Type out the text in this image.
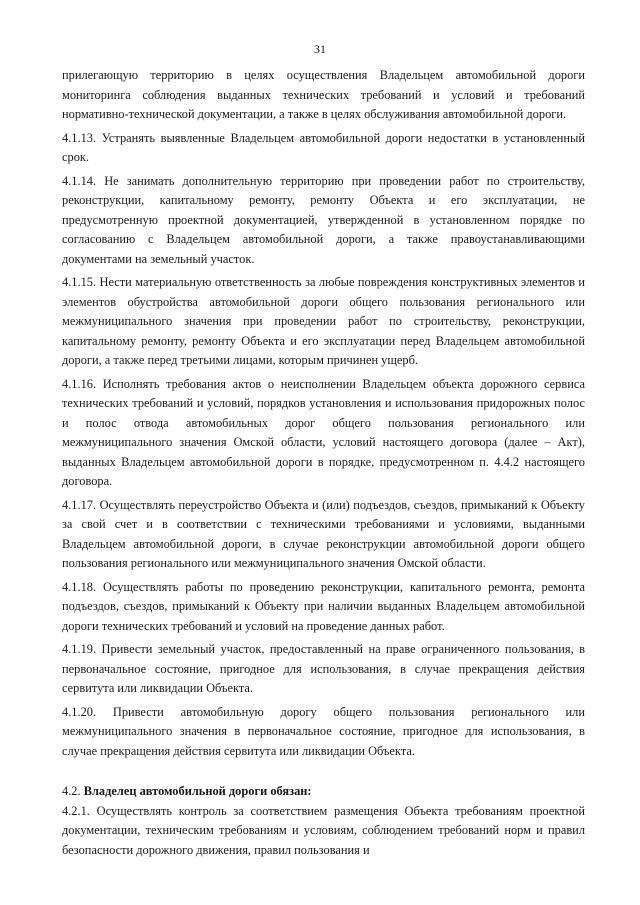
31

прилегающую территорию в целях осуществления Владельцем автомобильной дороги мониторинга соблюдения выданных технических требований и условий и требований нормативно-технической документации, а также в целях обслуживания автомобильной дороги.

4.1.13. Устранять выявленные Владельцем автомобильной дороги недостатки в установленный срок.

4.1.14. Не занимать дополнительную территорию при проведении работ по строительству, реконструкции, капитальному ремонту, ремонту Объекта и его эксплуатации, не предусмотренную проектной документацией, утвержденной в установленном порядке по согласованию с Владельцем автомобильной дороги, а также правоустанавливающими документами на земельный участок.

4.1.15. Нести материальную ответственность за любые повреждения конструктивных элементов и элементов обустройства автомобильной дороги общего пользования регионального или межмуниципального значения при проведении работ по строительству, реконструкции, капитальному ремонту, ремонту Объекта и его эксплуатации перед Владельцем автомобильной дороги, а также перед третьими лицами, которым причинен ущерб.

4.1.16. Исполнять требования актов о неисполнении Владельцем объекта дорожного сервиса технических требований и условий, порядков установления и использования придорожных полос и полос отвода автомобильных дорог общего пользования регионального или межмуниципального значения Омской области, условий настоящего договора (далее – Акт), выданных Владельцем автомобильной дороги в порядке, предусмотренном п. 4.4.2 настоящего договора.

4.1.17. Осуществлять переустройство Объекта и (или) подъездов, съездов, примыканий к Объекту за свой счет и в соответствии с техническими требованиями и условиями, выданными Владельцем автомобильной дороги, в случае реконструкции автомобильной дороги общего пользования регионального или межмуниципального значения Омской области.

4.1.18. Осуществлять работы по проведению реконструкции, капитального ремонта, ремонта подъездов, съездов, примыканий к Объекту при наличии выданных Владельцем автомобильной дороги технических требований и условий на проведение данных работ.

4.1.19. Привести земельный участок, предоставленный на праве ограниченного пользования, в первоначальное состояние, пригодное для использования, в случае прекращения действия сервитута или ликвидации Объекта.

4.1.20. Привести автомобильную дорогу общего пользования регионального или межмуниципального значения в первоначальное состояние, пригодное для использования, в случае прекращения действия сервитута или ликвидации Объекта.

4.2. Владелец автомобильной дороги обязан:

4.2.1. Осуществлять контроль за соответствием размещения Объекта требованиям проектной документации, техническим требованиям и условиям, соблюдением требований норм и правил безопасности дорожного движения, правил пользования и
